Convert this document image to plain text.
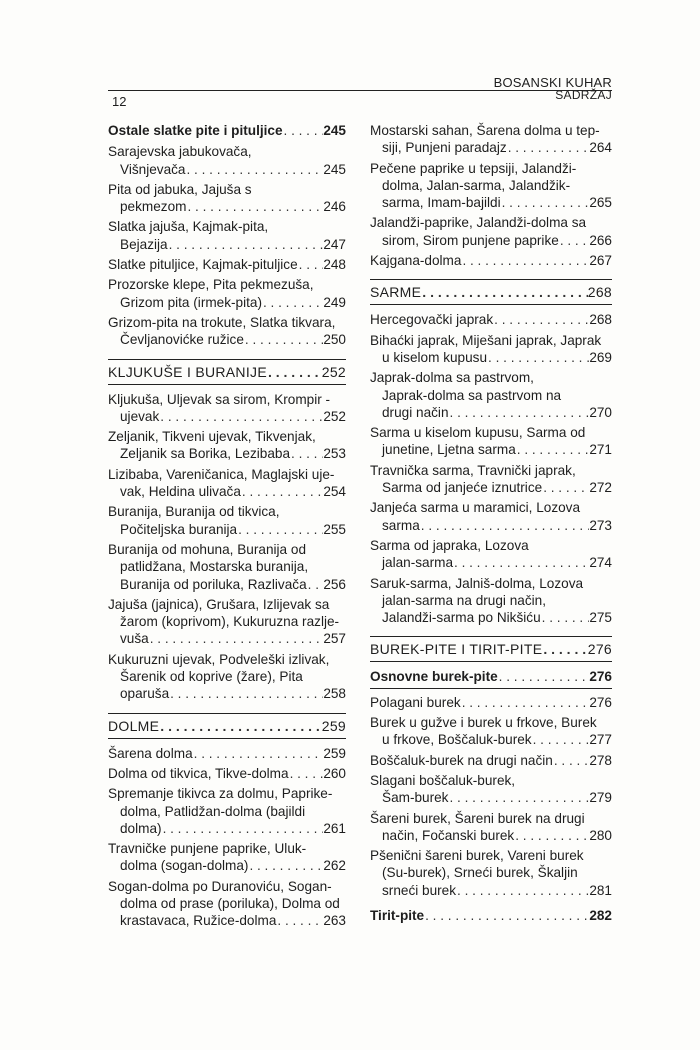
BOSANSKI KUHAR
SADRŽAJ
12
Ostale slatke pite i pituljice . . .	245
Sarajevska jabukovača,
Višnjevača . . .	245
Pita od jabuka, Jajuša s
pekmezom . . .	246
Slatka jajuša, Kajmak-pita,
Bejazija . . .	247
Slatke pituljice, Kajmak-pituljice . . . 248
Prozorske klepe, Pita pekmezuša,
Grizom pita (irmek-pita) . . .	249
Grizom-pita na trokute, Slatka tikvara,
Čevljanovićke ružice . . .	250
KLJUKUŠE I BURANIJE . . .	252
Kljukuša, Uljevak sa sirom, Krompir -
ujevak . . .	252
Zeljanik, Tikveni ujevak, Tikvenjak,
Zeljanik sa Borika, Lezibaba . . . 253
Lizibaba, Vareničanica, Maglajski uje-
vak, Heldina ulivača . . .	254
Buranija, Buranija od tikvica,
Počiteljska buranija . . .	255
Buranija od mohuna, Buranija od
patlidžana, Mostarska buranija,
Buranija od poriluka, Razlivača . . . 256
Jajuša (jajnica), Grušara, Izlijevak sa
žarom (koprivom), Kukuruzna razlje-
vuša . . .	257
Kukuruzni ujevak, Podveleški izlivak,
Šarenik od koprive (žare), Pita
oparuša . . .	258
DOLME . . .	259
Šarena dolma . . .	259
Dolma od tikvica, Tikve-dolma . . .	260
Spremanje tikivca za dolmu, Paprike-
dolma, Patlidžan-dolma (bajildi
dolma) . . .	261
Travničke punjene paprike, Uluk-
dolma (sogan-dolma) . . .	262
Sogan-dolma po Duranoviću, Sogan-
dolma od prase (poriluka), Dolma od
krastavaca, Ružice-dolma . . .	263
Mostarski sahan, Šarena dolma u tep-
siji, Punjeni paradajz . . .	264
Pečene paprike u tepsiji, Jalandži-
dolma, Jalan-sarma, Jalandžik-
sarma, Imam-bajildi . . .	265
Jalandži-paprike, Jalandži-dolma sa
sirom, Sirom punjene paprike . . . 266
Kajgana-dolma . . .	267
SARME . . .	268
Hercegovački japrak . . .	268
Bihaćki japrak, Miješani japrak, Japrak
u kiselom kupusu . . .	269
Japrak-dolma sa pastrvom,
Japrak-dolma sa pastrvom na
drugi način . . .	270
Sarma u kiselom kupusu, Sarma od
junetine, Ljetna sarma . . .	271
Travnička sarma, Travnički japrak,
Sarma od janjeće iznutrice . . .	272
Janjeća sarma u maramici, Lozova
sarma . . .	273
Sarma od japraka, Lozova
jalan-sarma . . .	274
Saruk-sarma, Jalniš-dolma, Lozova
jalan-sarma na drugi način,
Jalandži-sarma po Nikšiću . . .	275
BUREK-PITE I TIRIT-PITE . . .	276
Osnovne burek-pite . . .	276
Polagani burek . . .	276
Burek u gužve i burek u frkove, Burek
u frkove, Boščaluk-burek . . .	277
Boščaluk-burek na drugi način . . .	278
Slagani boščaluk-burek,
Šam-burek . . .	279
Šareni burek, Šareni burek na drugi
način, Fočanski burek . . .	280
Pšenični šareni burek, Vareni burek
(Su-burek), Srneći burek, Škaljin
srneći burek . . .	281
Tirit-pite . . .	282
